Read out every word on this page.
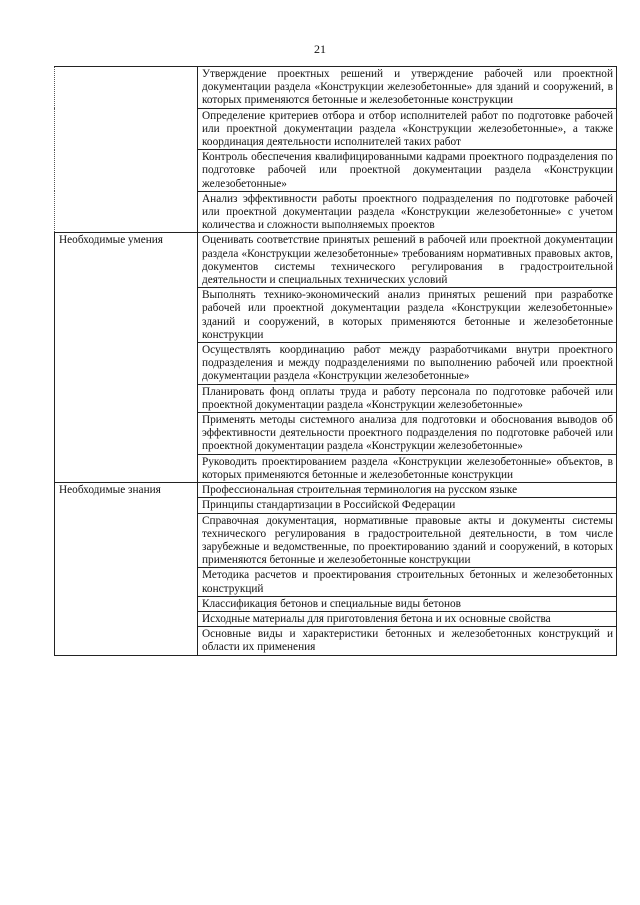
21
	Утверждение проектных решений и утверждение рабочей или проектной документации раздела «Конструкции железобетонные» для зданий и сооружений, в которых применяются бетонные и железобетонные конструкции
	Определение критериев отбора и отбор исполнителей работ по подготовке рабочей или проектной документации раздела «Конструкции железобетонные», а также координация деятельности исполнителей таких работ
	Контроль обеспечения квалифицированными кадрами проектного подразделения по подготовке рабочей или проектной документации раздела «Конструкции железобетонные»
	Анализ эффективности работы проектного подразделения по подготовке рабочей или проектной документации раздела «Конструкции железобетонные» с учетом количества и сложности выполняемых проектов
Необходимые умения	Оценивать соответствие принятых решений в рабочей или проектной документации раздела «Конструкции железобетонные» требованиям нормативных правовых актов, документов системы технического регулирования в градостроительной деятельности и специальных технических условий
	Выполнять технико-экономический анализ принятых решений при разработке рабочей или проектной документации раздела «Конструкции железобетонные» зданий и сооружений, в которых применяются бетонные и железобетонные конструкции
	Осуществлять координацию работ между разработчиками внутри проектного подразделения и между подразделениями по выполнению рабочей или проектной документации раздела «Конструкции железобетонные»
	Планировать фонд оплаты труда и работу персонала по подготовке рабочей или проектной документации раздела «Конструкции железобетонные»
	Применять методы системного анализа для подготовки и обоснования выводов об эффективности деятельности проектного подразделения по подготовке рабочей или проектной документации раздела «Конструкции железобетонные»
	Руководить проектированием раздела «Конструкции железобетонные» объектов, в которых применяются бетонные и железобетонные конструкции
Необходимые знания	Профессиональная строительная терминология на русском языке
	Принципы стандартизации в Российской Федерации
	Справочная документация, нормативные правовые акты и документы системы технического регулирования в градостроительной деятельности, в том числе зарубежные и ведомственные, по проектированию зданий и сооружений, в которых применяются бетонные и железобетонные конструкции
	Методика расчетов и проектирования строительных бетонных и железобетонных конструкций
	Классификация бетонов и специальные виды бетонов
	Исходные материалы для приготовления бетона и их основные свойства
	Основные виды и характеристики бетонных и железобетонных конструкций и области их применения
